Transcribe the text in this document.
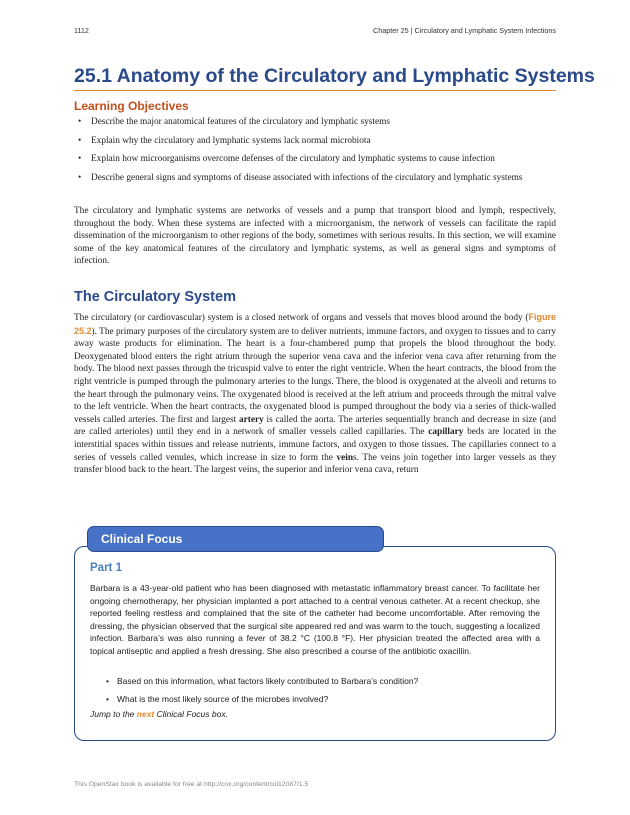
1112	Chapter 25 | Circulatory and Lymphatic System Infections
25.1 Anatomy of the Circulatory and Lymphatic Systems
Learning Objectives
• Describe the major anatomical features of the circulatory and lymphatic systems
• Explain why the circulatory and lymphatic systems lack normal microbiota
• Explain how microorganisms overcome defenses of the circulatory and lymphatic systems to cause infection
• Describe general signs and symptoms of disease associated with infections of the circulatory and lymphatic systems

The circulatory and lymphatic systems are networks of vessels and a pump that transport blood and lymph, respectively, throughout the body. When these systems are infected with a microorganism, the network of vessels can facilitate the rapid dissemination of the microorganism to other regions of the body, sometimes with serious results. In this section, we will examine some of the key anatomical features of the circulatory and lymphatic systems, as well as general signs and symptoms of infection.

The Circulatory System

The circulatory (or cardiovascular) system is a closed network of organs and vessels that moves blood around the body (Figure 25.2). The primary purposes of the circulatory system are to deliver nutrients, immune factors, and oxygen to tissues and to carry away waste products for elimination. The heart is a four-chambered pump that propels the blood throughout the body. Deoxygenated blood enters the right atrium through the superior vena cava and the inferior vena cava after returning from the body. The blood next passes through the tricuspid valve to enter the right ventricle. When the heart contracts, the blood from the right ventricle is pumped through the pulmonary arteries to the lungs. There, the blood is oxygenated at the alveoli and returns to the heart through the pulmonary veins. The oxygenated blood is received at the left atrium and proceeds through the mitral valve to the left ventricle. When the heart contracts, the oxygenated blood is pumped throughout the body via a series of thick-walled vessels called arteries. The first and largest artery is called the aorta. The arteries sequentially branch and decrease in size (and are called arterioles) until they end in a network of smaller vessels called capillaries. The capillary beds are located in the interstitial spaces within tissues and release nutrients, immune factors, and oxygen to those tissues. The capillaries connect to a series of vessels called venules, which increase in size to form the veins. The veins join together into larger vessels as they transfer blood back to the heart. The largest veins, the superior and inferior vena cava, return

Clinical Focus
Part 1

Barbara is a 43-year-old patient who has been diagnosed with metastatic inflammatory breast cancer. To facilitate her ongoing chemotherapy, her physician implanted a port attached to a central venous catheter. At a recent checkup, she reported feeling restless and complained that the site of the catheter had become uncomfortable. After removing the dressing, the physician observed that the surgical site appeared red and was warm to the touch, suggesting a localized infection. Barbara’s was also running a fever of 38.2 °C (100.8 °F). Her physician treated the affected area with a topical antiseptic and applied a fresh dressing. She also prescribed a course of the antibiotic oxacillin.

• Based on this information, what factors likely contributed to Barbara’s condition?
• What is the most likely source of the microbes involved?
Jump to the next Clinical Focus box.
This OpenStax book is available for free at http://cnx.org/content/col12087/1.5
